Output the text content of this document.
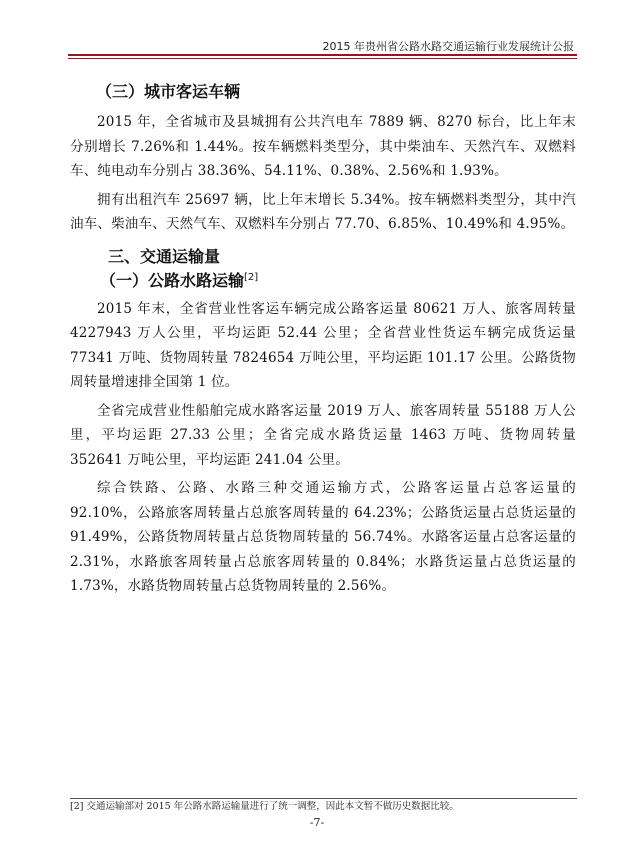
2015 年贵州省公路水路交通运输行业发展统计公报
（三）城市客运车辆

2015 年，全省城市及县城拥有公共汽电车 7889 辆、8270 标台，比上年末分别增长 7.26%和 1.44%。按车辆燃料类型分，其中柴油车、天然汽车、双燃料车、纯电动车分别占 38.36%、54.11%、0.38%、2.56%和 1.93%。

拥有出租汽车 25697 辆，比上年末增长 5.34%。按车辆燃料类型分，其中汽油车、柴油车、天然气车、双燃料车分别占 77.70、6.85%、10.49%和 4.95%。

三、交通运输量
（一）公路水路运输[2]

2015 年末，全省营业性客运车辆完成公路客运量 80621 万人、旅客周转量 4227943 万人公里，平均运距 52.44 公里；全省营业性货运车辆完成货运量 77341 万吨、货物周转量 7824654 万吨公里，平均运距 101.17 公里。公路货物周转量增速排全国第 1 位。

全省完成营业性船舶完成水路客运量 2019 万人、旅客周转量 55188 万人公里，平均运距 27.33 公里；全省完成水路货运量 1463 万吨、货物周转量 352641 万吨公里，平均运距 241.04 公里。

综合铁路、公路、水路三种交通运输方式，公路客运量占总客运量的 92.10%，公路旅客周转量占总旅客周转量的 64.23%；公路货运量占总货运量的 91.49%，公路货物周转量占总货物周转量的 56.74%。水路客运量占总客运量的 2.31%，水路旅客周转量占总旅客周转量的 0.84%；水路货运量占总货运量的 1.73%，水路货物周转量占总货物周转量的 2.56%。

[2] 交通运输部对 2015 年公路水路运输量进行了统一调整，因此本文暂不做历史数据比较。
-7-
